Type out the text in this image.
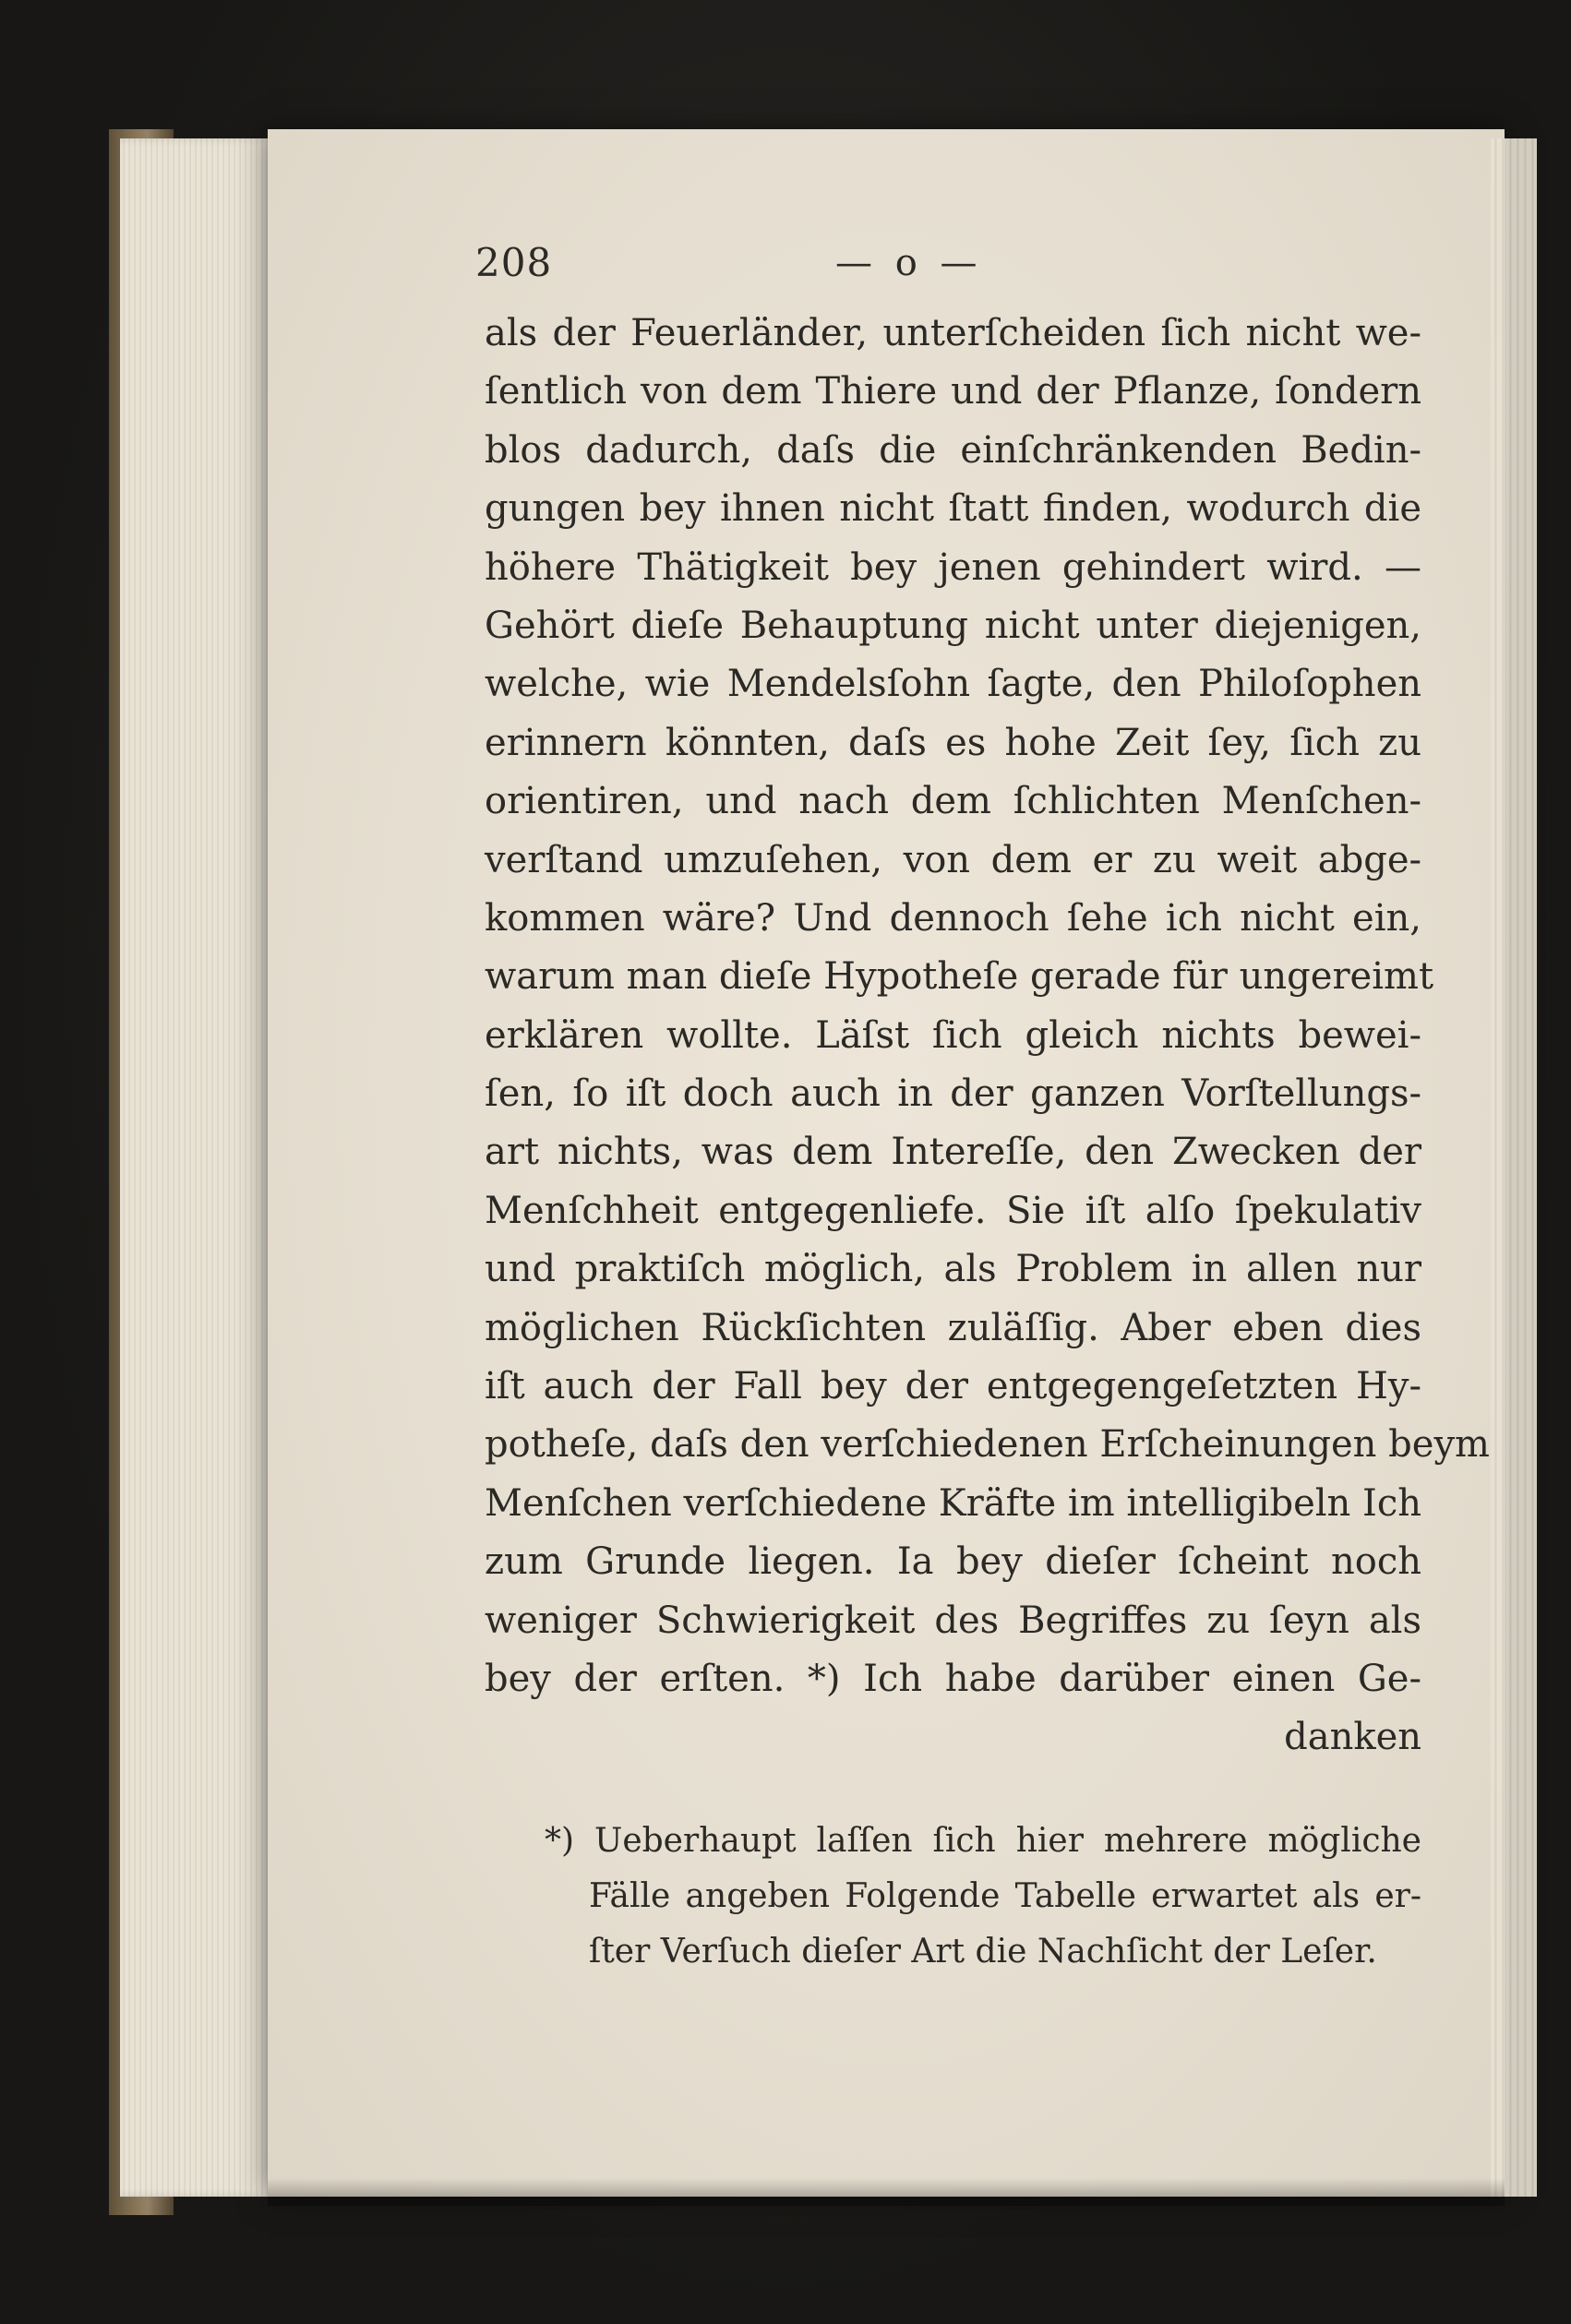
208	— o —
als der Feuerländer, unterſcheiden ſich nicht we-
ſentlich von dem Thiere und der Pflanze, ſondern
blos dadurch, daſs die einſchränkenden Bedin-
gungen bey ihnen nicht ſtatt finden, wodurch die
höhere Thätigkeit bey jenen gehindert wird. —
Gehört dieſe Behauptung nicht unter diejenigen,
welche, wie Mendelsſohn ſagte, den Philoſophen
erinnern könnten, daſs es hohe Zeit ſey, ſich zu
orientiren, und nach dem ſchlichten Menſchen-
verſtand umzuſehen, von dem er zu weit abge-
kommen wäre? Und dennoch ſehe ich nicht ein,
warum man dieſe Hypotheſe gerade für ungereimt
erklären wollte. Läſst ſich gleich nichts bewei-
ſen, ſo iſt doch auch in der ganzen Vorſtellungs-
art nichts, was dem Intereſſe, den Zwecken der
Menſchheit entgegenliefe. Sie iſt alſo ſpekulativ
und praktiſch möglich, als Problem in allen nur
möglichen Rückſichten zuläſſig. Aber eben dies
iſt auch der Fall bey der entgegengeſetzten Hy-
potheſe, daſs den verſchiedenen Erſcheinungen beym
Menſchen verſchiedene Kräfte im intelligibeln Ich
zum Grunde liegen. Ia bey dieſer ſcheint noch
weniger Schwierigkeit des Begriffes zu ſeyn als
bey der erſten. *) Ich habe darüber einen Ge-
danken
*) Ueberhaupt laſſen ſich hier mehrere mögliche
Fälle angeben Folgende Tabelle erwartet als er-
ſter Verſuch dieſer Art die Nachſicht der Leſer.
